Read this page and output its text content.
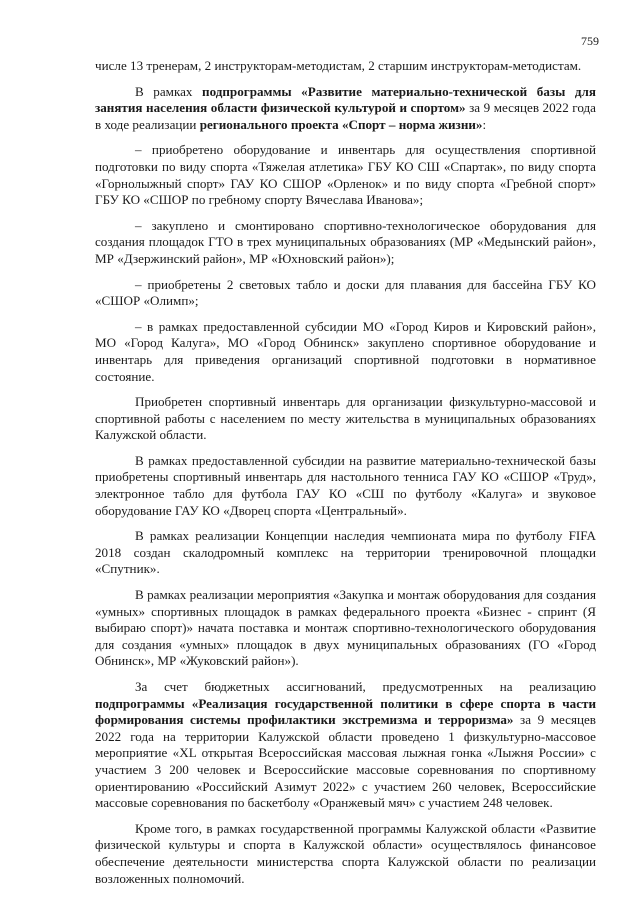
759

числе 13 тренерам, 2 инструкторам-методистам, 2 старшим инструкторам-методистам.

В рамках подпрограммы «Развитие материально-технической базы для занятия населения области физической культурой и спортом» за 9 месяцев 2022 года в ходе реализации регионального проекта «Спорт – норма жизни»:

– приобретено оборудование и инвентарь для осуществления спортивной подготовки по виду спорта «Тяжелая атлетика» ГБУ КО СШ «Спартак», по виду спорта «Горнолыжный спорт» ГАУ КО СШОР «Орленок» и по виду спорта «Гребной спорт» ГБУ КО «СШОР по гребному спорту Вячеслава Иванова»;

– закуплено и смонтировано спортивно-технологическое оборудования для создания площадок ГТО в трех муниципальных образованиях (МР «Медынский район», МР «Дзержинский район», МР «Юхновский район»);

– приобретены 2 световых табло и доски для плавания для бассейна ГБУ КО «СШОР «Олимп»;

– в рамках предоставленной субсидии МО «Город Киров и Кировский район», МО «Город Калуга», МО «Город Обнинск» закуплено спортивное оборудование и инвентарь для приведения организаций спортивной подготовки в нормативное состояние.

Приобретен спортивный инвентарь для организации физкультурно-массовой и спортивной работы с населением по месту жительства в муниципальных образованиях Калужской области.

В рамках предоставленной субсидии на развитие материально-технической базы приобретены спортивный инвентарь для настольного тенниса ГАУ КО «СШОР «Труд», электронное табло для футбола ГАУ КО «СШ по футболу «Калуга» и звуковое оборудование ГАУ КО «Дворец спорта «Центральный».

В рамках реализации Концепции наследия чемпионата мира по футболу FIFA 2018 создан скалодромный комплекс на территории тренировочной площадки «Спутник».

В рамках реализации мероприятия «Закупка и монтаж оборудования для создания «умных» спортивных площадок в рамках федерального проекта «Бизнес - спринт (Я выбираю спорт)» начата поставка и монтаж спортивно-технологического оборудования для создания «умных» площадок в двух муниципальных образованиях (ГО «Город Обнинск», МР «Жуковский район»).

За счет бюджетных ассигнований, предусмотренных на реализацию подпрограммы «Реализация государственной политики в сфере спорта в части формирования системы профилактики экстремизма и терроризма» за 9 месяцев 2022 года на территории Калужской области проведено 1 физкультурно-массовое мероприятие «XL открытая Всероссийская массовая лыжная гонка «Лыжня России» с участием 3 200 человек и Всероссийские массовые соревнования по спортивному ориентированию «Российский Азимут 2022» с участием 260 человек, Всероссийские массовые соревнования по баскетболу «Оранжевый мяч» с участием 248 человек.

Кроме того, в рамках государственной программы Калужской области «Развитие физической культуры и спорта в Калужской области» осуществлялось финансовое обеспечение деятельности министерства спорта Калужской области по реализации возложенных полномочий.
